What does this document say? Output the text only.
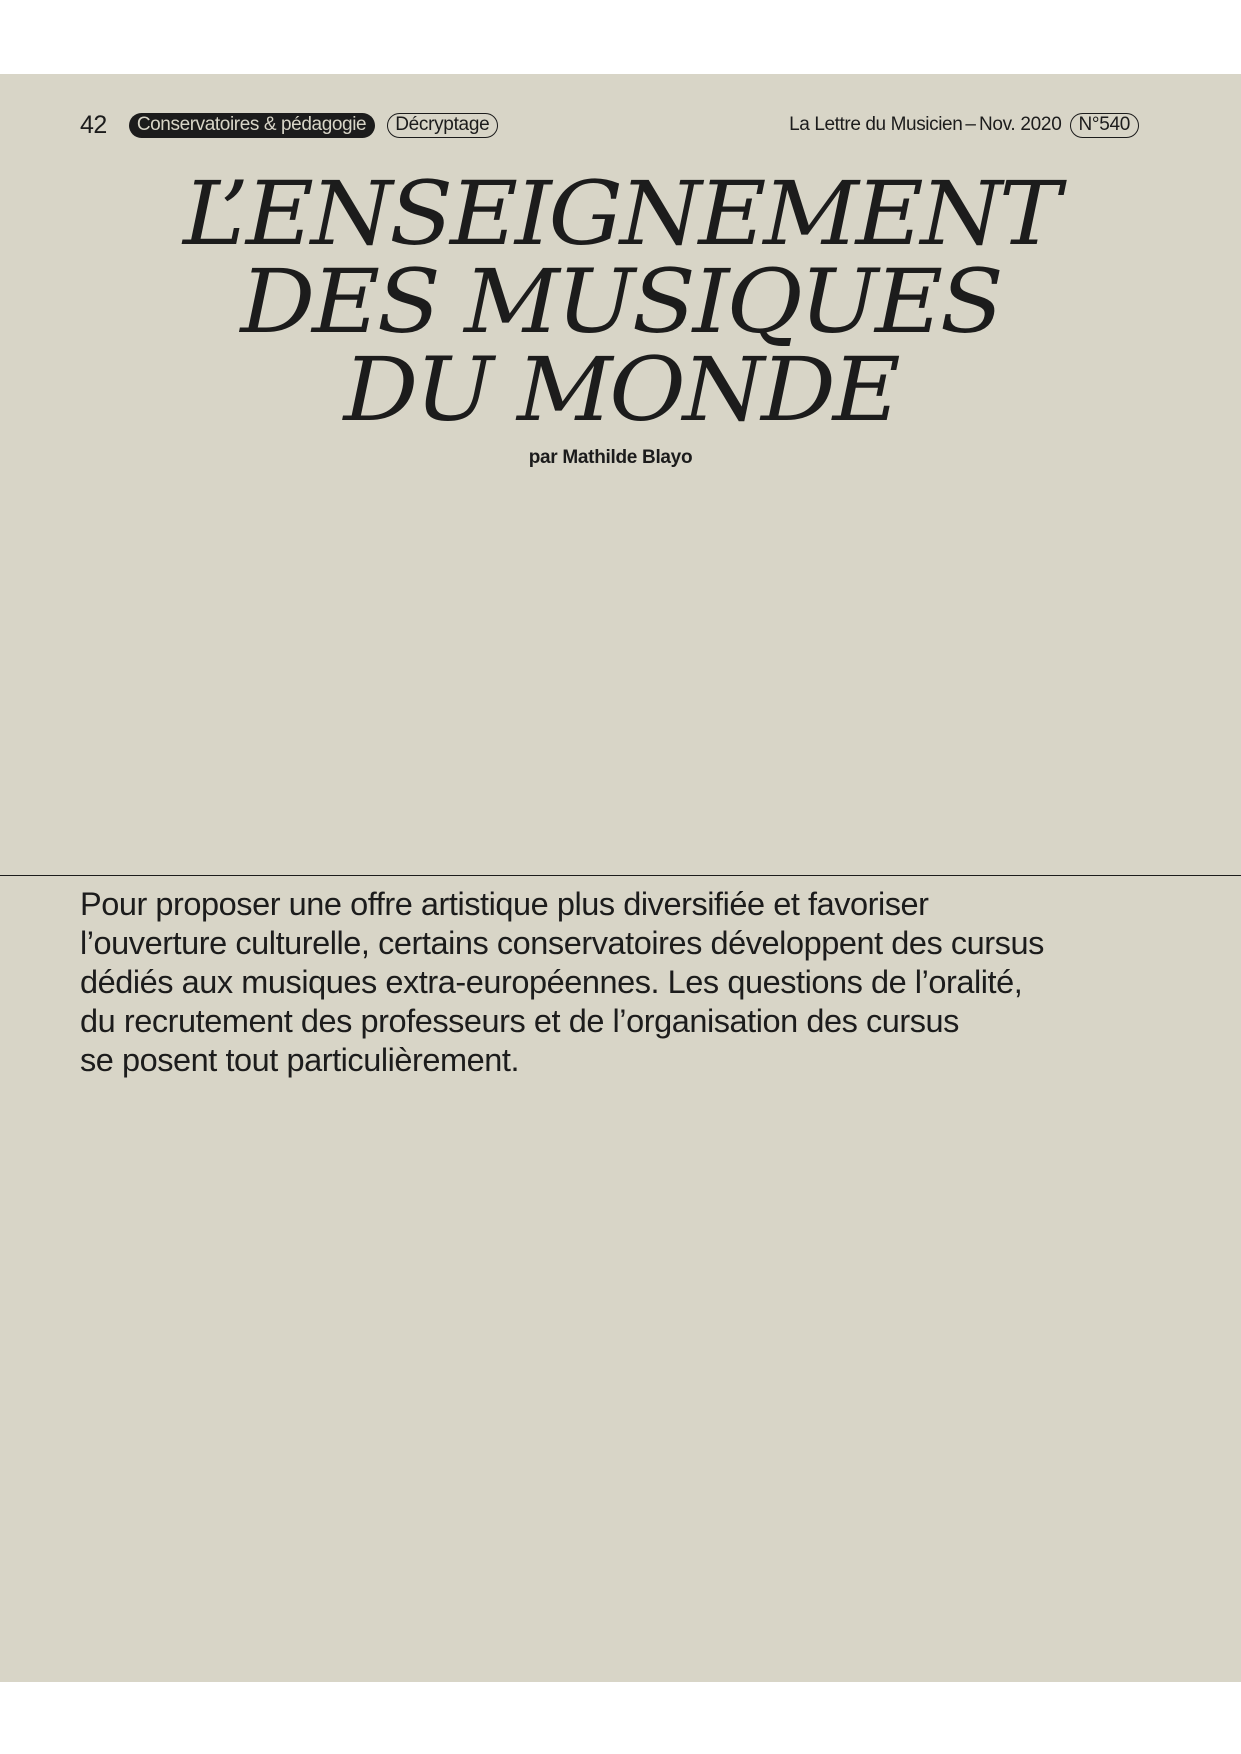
42	Conservatoires & pédagogie	Décryptage	La Lettre du Musicien – Nov. 2020 N°540
L’ENSEIGNEMENT
DES MUSIQUES
DU MONDE
par Mathilde Blayo

Pour proposer une offre artistique plus diversifiée et favoriser
l’ouverture culturelle, certains conservatoires développent des cursus
dédiés aux musiques extra-européennes. Les questions de l’oralité,
du recrutement des professeurs et de l’organisation des cursus
se posent tout particulièrement.
